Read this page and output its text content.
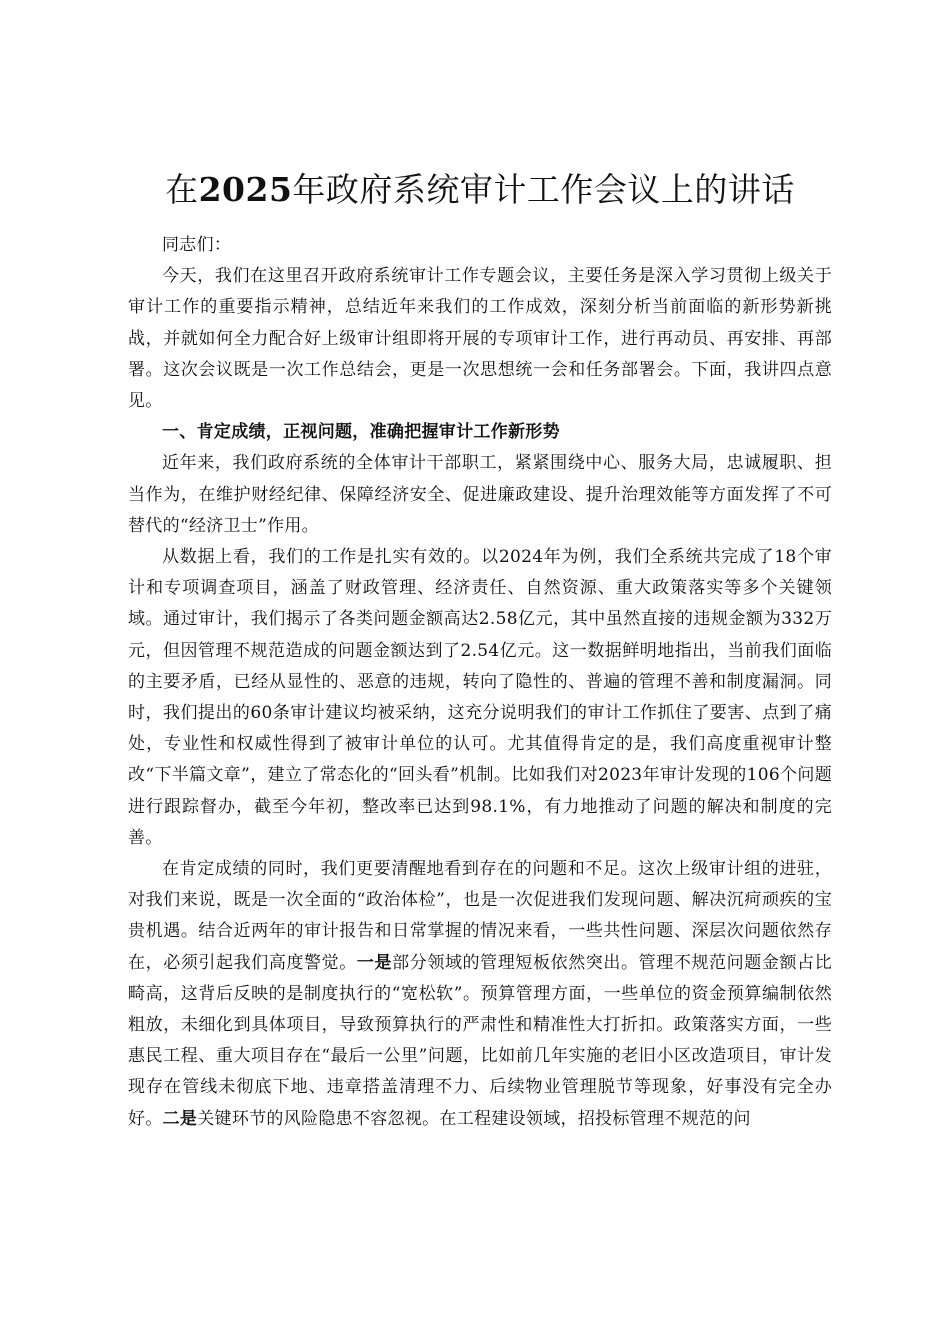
在2025年政府系统审计工作会议上的讲话

同志们：

今天，我们在这里召开政府系统审计工作专题会议，主要任务是深入学习贯彻上级关于审计工作的重要指示精神，总结近年来我们的工作成效，深刻分析当前面临的新形势新挑战，并就如何全力配合好上级审计组即将开展的专项审计工作，进行再动员、再安排、再部署。这次会议既是一次工作总结会，更是一次思想统一会和任务部署会。下面，我讲四点意见。

一、肯定成绩，正视问题，准确把握审计工作新形势

近年来，我们政府系统的全体审计干部职工，紧紧围绕中心、服务大局，忠诚履职、担当作为，在维护财经纪律、保障经济安全、促进廉政建设、提升治理效能等方面发挥了不可替代的“经济卫士”作用。

从数据上看，我们的工作是扎实有效的。以2024年为例，我们全系统共完成了18个审计和专项调查项目，涵盖了财政管理、经济责任、自然资源、重大政策落实等多个关键领域。通过审计，我们揭示了各类问题金额高达2.58亿元，其中虽然直接的违规金额为332万元，但因管理不规范造成的问题金额达到了2.54亿元。这一数据鲜明地指出，当前我们面临的主要矛盾，已经从显性的、恶意的违规，转向了隐性的、普遍的管理不善和制度漏洞。同时，我们提出的60条审计建议均被采纳，这充分说明我们的审计工作抓住了要害、点到了痛处，专业性和权威性得到了被审计单位的认可。尤其值得肯定的是，我们高度重视审计整改“下半篇文章”，建立了常态化的“回头看”机制。比如我们对2023年审计发现的106个问题进行跟踪督办，截至今年初，整改率已达到98.1%，有力地推动了问题的解决和制度的完善。

在肯定成绩的同时，我们更要清醒地看到存在的问题和不足。这次上级审计组的进驻，对我们来说，既是一次全面的“政治体检”，也是一次促进我们发现问题、解决沉疴顽疾的宝贵机遇。结合近两年的审计报告和日常掌握的情况来看，一些共性问题、深层次问题依然存在，必须引起我们高度警觉。一是部分领域的管理短板依然突出。管理不规范问题金额占比畸高，这背后反映的是制度执行的“宽松软”。预算管理方面，一些单位的资金预算编制依然粗放，未细化到具体项目，导致预算执行的严肃性和精准性大打折扣。政策落实方面，一些惠民工程、重大项目存在“最后一公里”问题，比如前几年实施的老旧小区改造项目，审计发现存在管线未彻底下地、违章搭盖清理不力、后续物业管理脱节等现象，好事没有完全办好。二是关键环节的风险隐患不容忽视。在工程建设领域，招投标管理不规范的问
